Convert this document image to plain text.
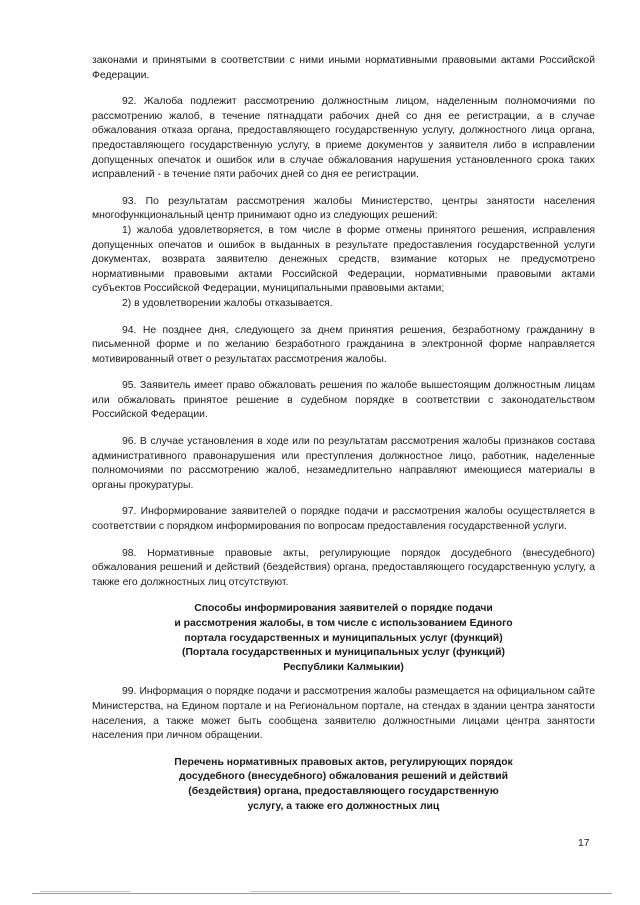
законами и принятыми в соответствии с ними иными нормативными правовыми актами Российской Федерации.

92. Жалоба подлежит рассмотрению должностным лицом, наделенным полномочиями по рассмотрению жалоб, в течение пятнадцати рабочих дней со дня ее регистрации, а в случае обжалования отказа органа, предоставляющего государственную услугу, должностного лица органа, предоставляющего государственную услугу, в приеме документов у заявителя либо в исправлении допущенных опечаток и ошибок или в случае обжалования нарушения установленного срока таких исправлений - в течение пяти рабочих дней со дня ее регистрации.

93. По результатам рассмотрения жалобы Министерство, центры занятости населения многофункциональный центр принимают одно из следующих решений:

1) жалоба удовлетворяется, в том числе в форме отмены принятого решения, исправления допущенных опечатов и ошибок в выданных в результате предоставления государственной услуги документах, возврата заявителю денежных средств, взимание которых не предусмотрено нормативными правовыми актами Российской Федерации, нормативными правовыми актами субъектов Российской Федерации, муниципальными правовыми актами;

2) в удовлетворении жалобы отказывается.

94. Не позднее дня, следующего за днем принятия решения, безработному гражданину в письменной форме и по желанию безработного гражданина в электронной форме направляется мотивированный ответ о результатах рассмотрения жалобы.

95. Заявитель имеет право обжаловать решения по жалобе вышестоящим должностным лицам или обжаловать принятое решение в судебном порядке в соответствии с законодательством Российской Федерации.

96. В случае установления в ходе или по результатам рассмотрения жалобы признаков состава административного правонарушения или преступления должностное лицо, работник, наделенные полномочиями по рассмотрению жалоб, незамедлительно направляют имеющиеся материалы в органы прокуратуры.

97. Информирование заявителей о порядке подачи и рассмотрения жалобы осуществляется в соответствии с порядком информирования по вопросам предоставления государственной услуги.

98. Нормативные правовые акты, регулирующие порядок досудебного (внесудебного) обжалования решений и действий (бездействия) органа, предоставляющего государственную услугу, а также его должностных лиц отсутствуют.

Способы информирования заявителей о порядке подачи
и рассмотрения жалобы, в том числе с использованием Единого
портала государственных и муниципальных услуг (функций)
(Портала государственных и муниципальных услуг (функций)
Республики Калмыкии)

99. Информация о порядке подачи и рассмотрения жалобы размещается на официальном сайте Министерства, на Едином портале и на Региональном портале, на стендах в здании центра занятости населения, а также может быть сообщена заявителю должностными лицами центра занятости населения при личном обращении.

Перечень нормативных правовых актов, регулирующих порядок
досудебного (внесудебного) обжалования решений и действий
(бездействия) органа, предоставляющего государственную
услугу, а также его должностных лиц
17
